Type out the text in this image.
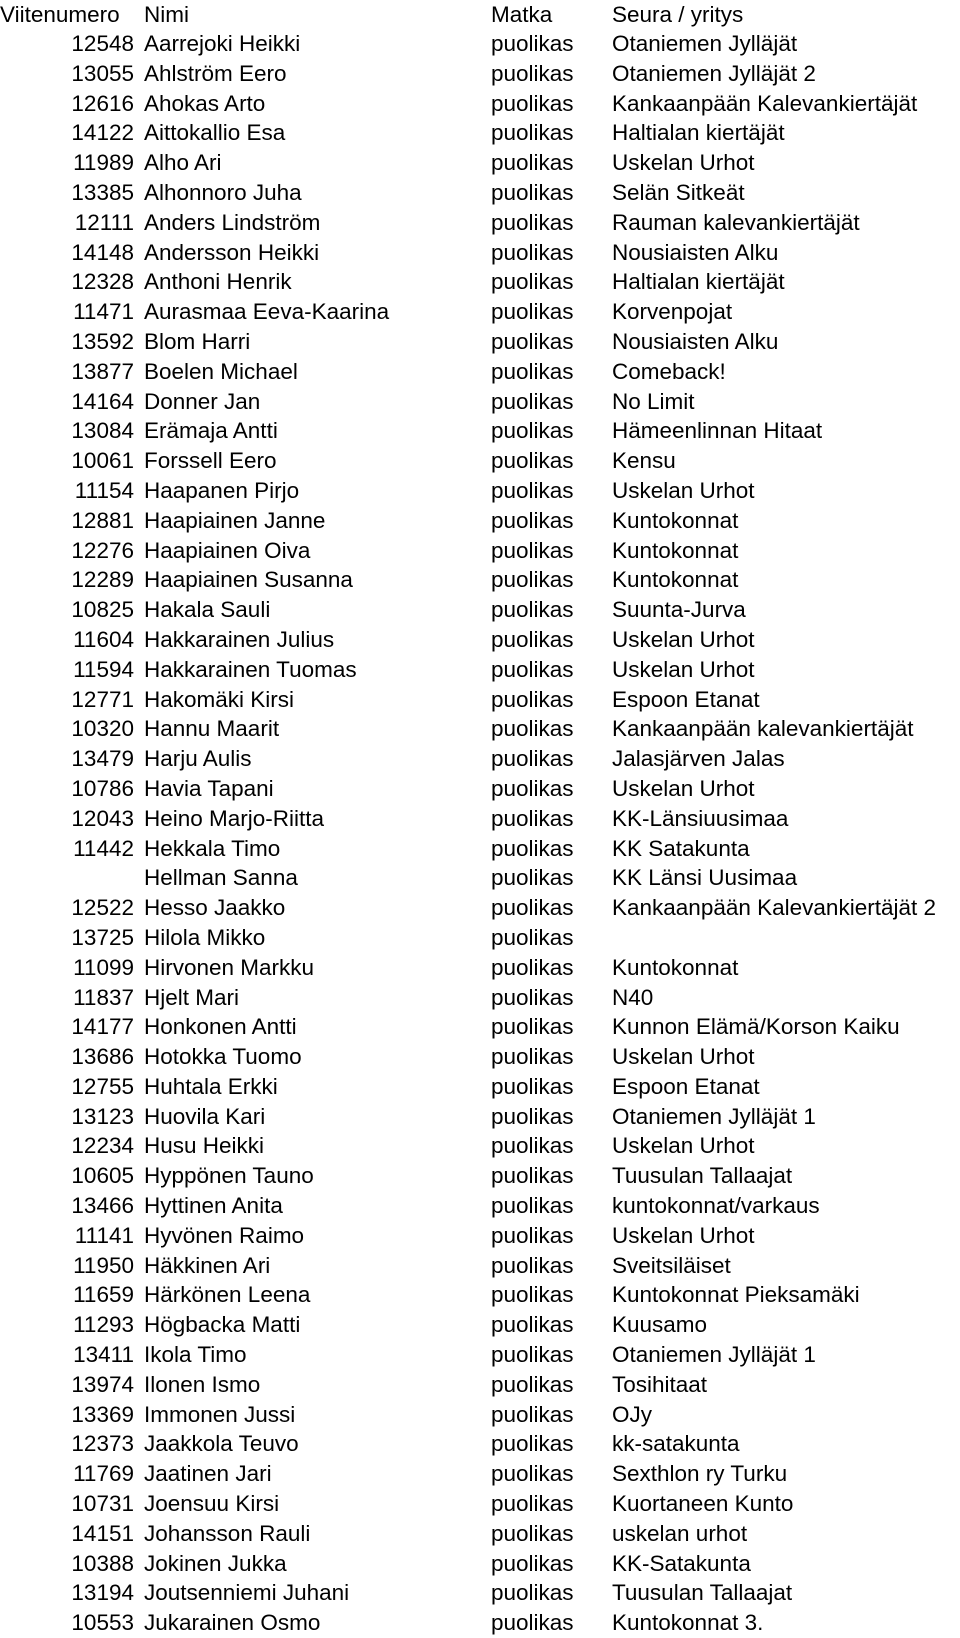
Viitenumero	Nimi	Matka	Seura / yritys
12548 Aarrejoki Heikki	puolikas Otaniemen Jylläjät
13055 Ahlström Eero	puolikas Otaniemen Jylläjät 2
12616 Ahokas Arto	puolikas Kankaanpään Kalevankiertäjät
14122 Aittokallio Esa	puolikas Haltialan kiertäjät
11989 Alho Ari	puolikas Uskelan Urhot
13385 Alhonnoro Juha	puolikas Selän Sitkeät
12111 Anders Lindström	puolikas Rauman kalevankiertäjät
14148 Andersson Heikki	puolikas Nousiaisten Alku
12328 Anthoni Henrik	puolikas Haltialan kiertäjät
11471 Aurasmaa Eeva-Kaarina	puolikas Korvenpojat
13592 Blom Harri	puolikas Nousiaisten Alku
13877 Boelen Michael	puolikas Comeback!
14164 Donner Jan	puolikas No Limit
13084 Erämaja Antti	puolikas Hämeenlinnan Hitaat
10061 Forssell Eero	puolikas Kensu
11154 Haapanen Pirjo	puolikas Uskelan Urhot
12881 Haapiainen Janne	puolikas Kuntokonnat
12276 Haapiainen Oiva	puolikas Kuntokonnat
12289 Haapiainen Susanna	puolikas Kuntokonnat
10825 Hakala Sauli	puolikas Suunta-Jurva
11604 Hakkarainen Julius	puolikas Uskelan Urhot
11594 Hakkarainen Tuomas	puolikas Uskelan Urhot
12771 Hakomäki Kirsi	puolikas Espoon Etanat
10320 Hannu Maarit	puolikas Kankaanpään kalevankiertäjät
13479 Harju Aulis	puolikas Jalasjärven Jalas
10786 Havia Tapani	puolikas Uskelan Urhot
12043 Heino Marjo-Riitta	puolikas KK-Länsiuusimaa
11442 Hekkala Timo	puolikas KK Satakunta
Hellman Sanna	puolikas KK Länsi Uusimaa
12522 Hesso Jaakko	puolikas Kankaanpään Kalevankiertäjät 2
13725 Hilola Mikko	puolikas
11099 Hirvonen Markku	puolikas Kuntokonnat
11837 Hjelt Mari	puolikas N40
14177 Honkonen Antti	puolikas Kunnon Elämä/Korson Kaiku
13686 Hotokka Tuomo	puolikas Uskelan Urhot
12755 Huhtala Erkki	puolikas Espoon Etanat
13123 Huovila Kari	puolikas Otaniemen Jylläjät 1
12234 Husu Heikki	puolikas Uskelan Urhot
10605 Hyppönen Tauno	puolikas Tuusulan Tallaajat
13466 Hyttinen Anita	puolikas kuntokonnat/varkaus
11141 Hyvönen Raimo	puolikas Uskelan Urhot
11950 Häkkinen Ari	puolikas Sveitsiläiset
11659 Härkönen Leena	puolikas Kuntokonnat Pieksamäki
11293 Högbacka Matti	puolikas Kuusamo
13411 Ikola Timo	puolikas Otaniemen Jylläjät 1
13974 Ilonen Ismo	puolikas Tosihitaat
13369 Immonen Jussi	puolikas OJy
12373 Jaakkola Teuvo	puolikas kk-satakunta
11769 Jaatinen Jari	puolikas Sexthlon ry Turku
10731 Joensuu Kirsi	puolikas Kuortaneen Kunto
14151 Johansson Rauli	puolikas uskelan urhot
10388 Jokinen Jukka	puolikas KK-Satakunta
13194 Joutsenniemi Juhani	puolikas Tuusulan Tallaajat
10553 Jukarainen Osmo	puolikas Kuntokonnat 3.
